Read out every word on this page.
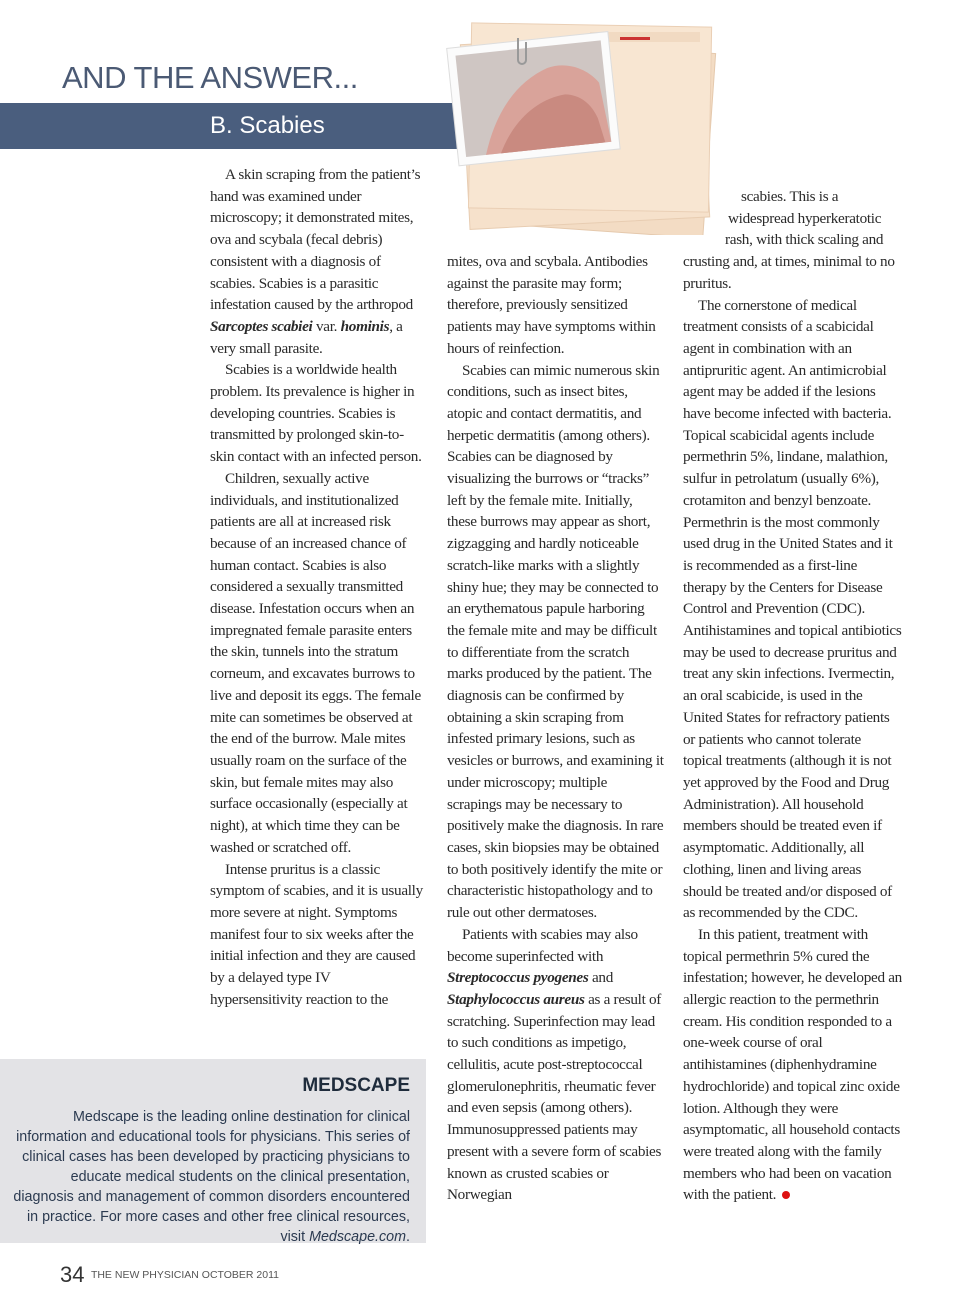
AND THE ANSWER...
B. Scabies

A skin scraping from the patient’s hand was examined under microscopy; it demonstrated mites, ova and scybala (fecal debris) consistent with a diagnosis of scabies. Scabies is a parasitic infestation caused by the arthropod Sarcoptes scabiei var. hominis, a very small parasite.

Scabies is a worldwide health problem. Its prevalence is higher in developing countries. Scabies is transmitted by prolonged skin-to-skin contact with an infected person.

Children, sexually active individuals, and institutionalized patients are all at increased risk because of an increased chance of human contact. Scabies is also considered a sexually transmitted disease. Infestation occurs when an impregnated female parasite enters the skin, tunnels into the stratum corneum, and excavates burrows to live and deposit its eggs. The female mite can sometimes be observed at the end of the burrow. Male mites usually roam on the surface of the skin, but female mites may also surface occasionally (especially at night), at which time they can be washed or scratched off.

Intense pruritus is a classic symptom of scabies, and it is usually more severe at night. Symptoms manifest four to six weeks after the initial infection and they are caused by a delayed type IV hypersensitivity reaction to the

mites, ova and scybala. Antibodies against the parasite may form; therefore, previously sensitized patients may have symptoms within hours of reinfection.

Scabies can mimic numerous skin conditions, such as insect bites, atopic and contact dermatitis, and herpetic dermatitis (among others). Scabies can be diagnosed by visualizing the burrows or “tracks” left by the female mite. Initially, these burrows may appear as short, zigzagging and hardly noticeable scratch-like marks with a slightly shiny hue; they may be connected to an erythematous papule harboring the female mite and may be difficult to differentiate from the scratch marks produced by the patient. The diagnosis can be confirmed by obtaining a skin scraping from infested primary lesions, such as vesicles or burrows, and examining it under microscopy; multiple scrapings may be necessary to positively make the diagnosis. In rare cases, skin biopsies may be obtained to both positively identify the mite or characteristic histopathology and to rule out other dermatoses.

Patients with scabies may also become superinfected with Streptococcus pyogenes and Staphylococcus aureus as a result of scratching. Superinfection may lead to such conditions as impetigo, cellulitis, acute post-streptococcal glomerulonephritis, rheumatic fever and even sepsis (among others). Immunosuppressed patients may present with a severe form of scabies known as crusted scabies or Norwegian

scabies. This is a
widespread hyperkeratotic
rash, with thick scaling and

crusting and, at times, minimal to no pruritus.

The cornerstone of medical treatment consists of a scabicidal agent in combination with an antipruritic agent. An antimicrobial agent may be added if the lesions have become infected with bacteria. Topical scabicidal agents include permethrin 5%, lindane, malathion, sulfur in petrolatum (usually 6%), crotamiton and benzyl benzoate. Permethrin is the most commonly used drug in the United States and it is recommended as a first-line therapy by the Centers for Disease Control and Prevention (CDC). Antihistamines and topical antibiotics may be used to decrease pruritus and treat any skin infections. Ivermectin, an oral scabicide, is used in the United States for refractory patients or patients who cannot tolerate topical treatments (although it is not yet approved by the Food and Drug Administration). All household members should be treated even if asymptomatic. Additionally, all clothing, linen and living areas should be treated and/or disposed of as recommended by the CDC.

In this patient, treatment with topical permethrin 5% cured the infestation; however, he developed an allergic reaction to the permethrin cream. His condition responded to a one-week course of oral antihistamines (diphenhydramine hydrochloride) and topical zinc oxide lotion. Although they were asymptomatic, all household contacts were treated along with the family members who had been on vacation with the patient.

MEDSCAPE
Medscape is the leading online destination for clinical information and educational tools for physicians. This series of clinical cases has been developed by practicing physicians to educate medical students on the clinical presentation, diagnosis and management of common disorders encountered in practice. For more cases and other free clinical resources, visit Medscape.com.
34 THE NEW PHYSICIAN OCTOBER 2011
